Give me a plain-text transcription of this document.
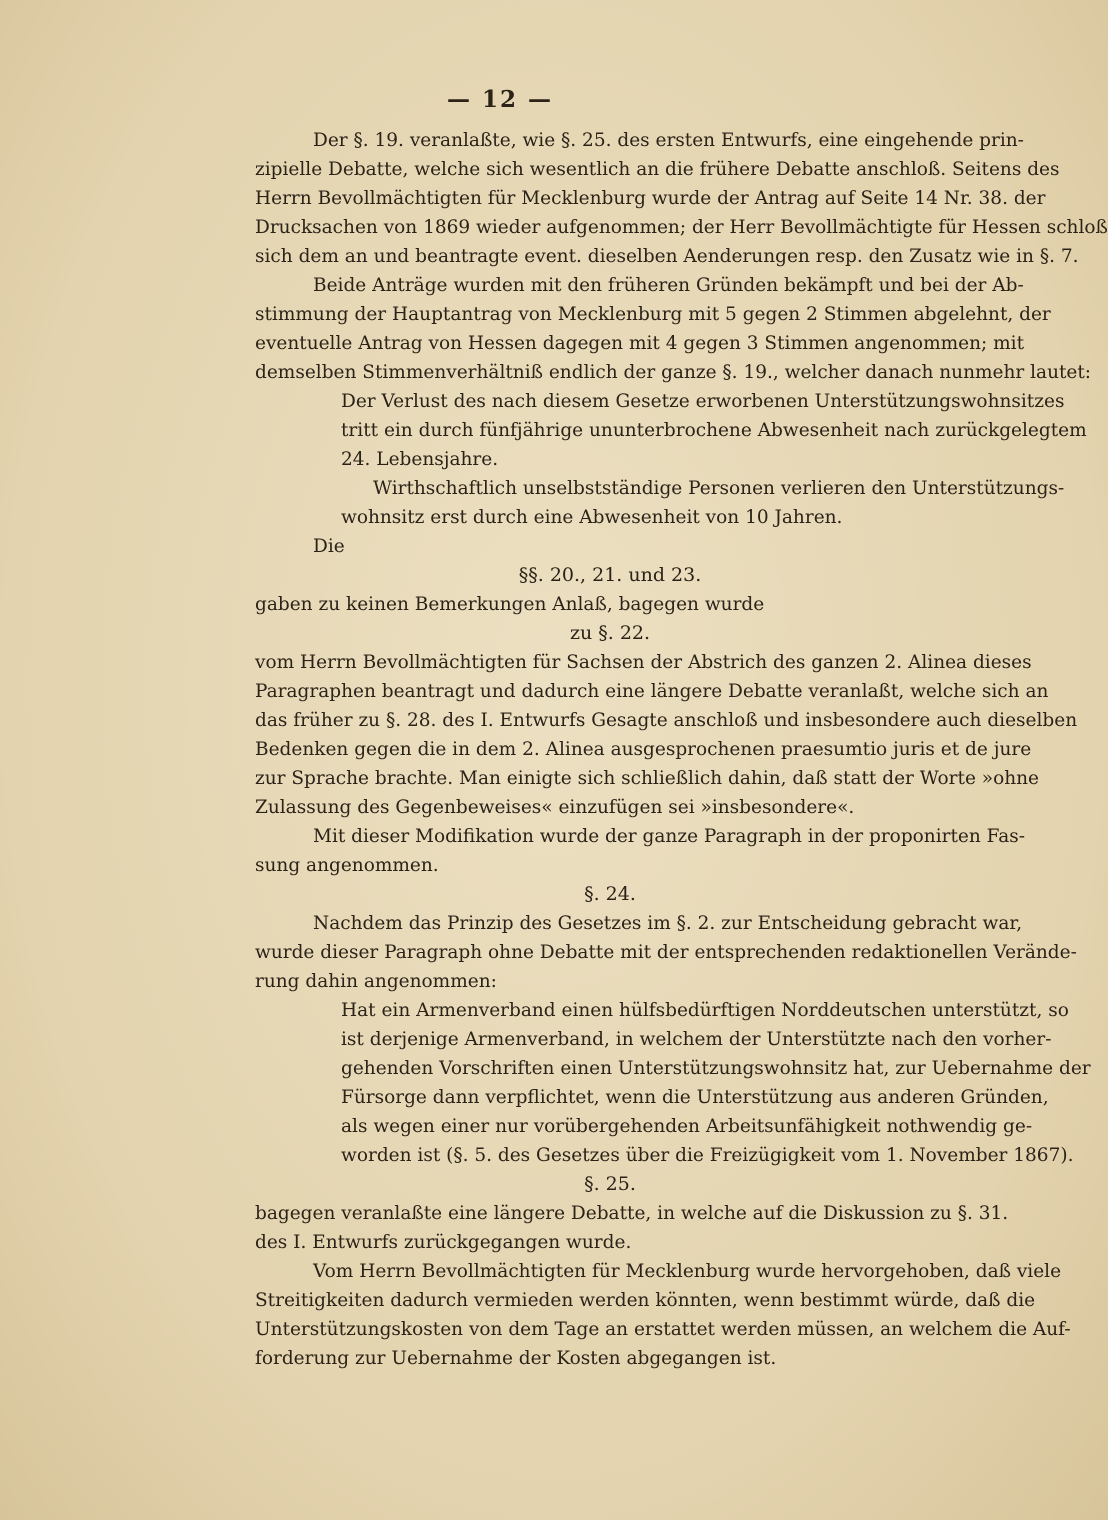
— 12 —
Der §. 19. veranlaßte, wie §. 25. des ersten Entwurfs, eine eingehende prin-
zipielle Debatte, welche sich wesentlich an die frühere Debatte anschloß. Seitens des
Herrn Bevollmächtigten für Mecklenburg wurde der Antrag auf Seite 14 Nr. 38. der
Drucksachen von 1869 wieder aufgenommen; der Herr Bevollmächtigte für Hessen schloß
sich dem an und beantragte event. dieselben Aenderungen resp. den Zusatz wie in §. 7.
Beide Anträge wurden mit den früheren Gründen bekämpft und bei der Ab-
stimmung der Hauptantrag von Mecklenburg mit 5 gegen 2 Stimmen abgelehnt, der
eventuelle Antrag von Hessen dagegen mit 4 gegen 3 Stimmen angenommen; mit
demselben Stimmenverhältniß endlich der ganze §. 19., welcher danach nunmehr lautet:
Der Verlust des nach diesem Gesetze erworbenen Unterstützungswohnsitzes
tritt ein durch fünfjährige ununterbrochene Abwesenheit nach zurückgelegtem
24. Lebensjahre.
Wirthschaftlich unselbstständige Personen verlieren den Unterstützungs-
wohnsitz erst durch eine Abwesenheit von 10 Jahren.
Die
§§. 20., 21. und 23.
gaben zu keinen Bemerkungen Anlaß, bagegen wurde
zu §. 22.
vom Herrn Bevollmächtigten für Sachsen der Abstrich des ganzen 2. Alinea dieses
Paragraphen beantragt und dadurch eine längere Debatte veranlaßt, welche sich an
das früher zu §. 28. des I. Entwurfs Gesagte anschloß und insbesondere auch dieselben
Bedenken gegen die in dem 2. Alinea ausgesprochenen praesumtio juris et de jure
zur Sprache brachte. Man einigte sich schließlich dahin, daß statt der Worte »ohne
Zulassung des Gegenbeweises« einzufügen sei »insbesondere«.
Mit dieser Modifikation wurde der ganze Paragraph in der proponirten Fas-
sung angenommen.
§. 24.
Nachdem das Prinzip des Gesetzes im §. 2. zur Entscheidung gebracht war,
wurde dieser Paragraph ohne Debatte mit der entsprechenden redaktionellen Verände-
rung dahin angenommen:
Hat ein Armenverband einen hülfsbedürftigen Norddeutschen unterstützt, so
ist derjenige Armenverband, in welchem der Unterstützte nach den vorher-
gehenden Vorschriften einen Unterstützungswohnsitz hat, zur Uebernahme der
Fürsorge dann verpflichtet, wenn die Unterstützung aus anderen Gründen,
als wegen einer nur vorübergehenden Arbeitsunfähigkeit nothwendig ge-
worden ist (§. 5. des Gesetzes über die Freizügigkeit vom 1. November 1867).
§. 25.
bagegen veranlaßte eine längere Debatte, in welche auf die Diskussion zu §. 31.
des I. Entwurfs zurückgegangen wurde.
Vom Herrn Bevollmächtigten für Mecklenburg wurde hervorgehoben, daß viele
Streitigkeiten dadurch vermieden werden könnten, wenn bestimmt würde, daß die
Unterstützungskosten von dem Tage an erstattet werden müssen, an welchem die Auf-
forderung zur Uebernahme der Kosten abgegangen ist.
